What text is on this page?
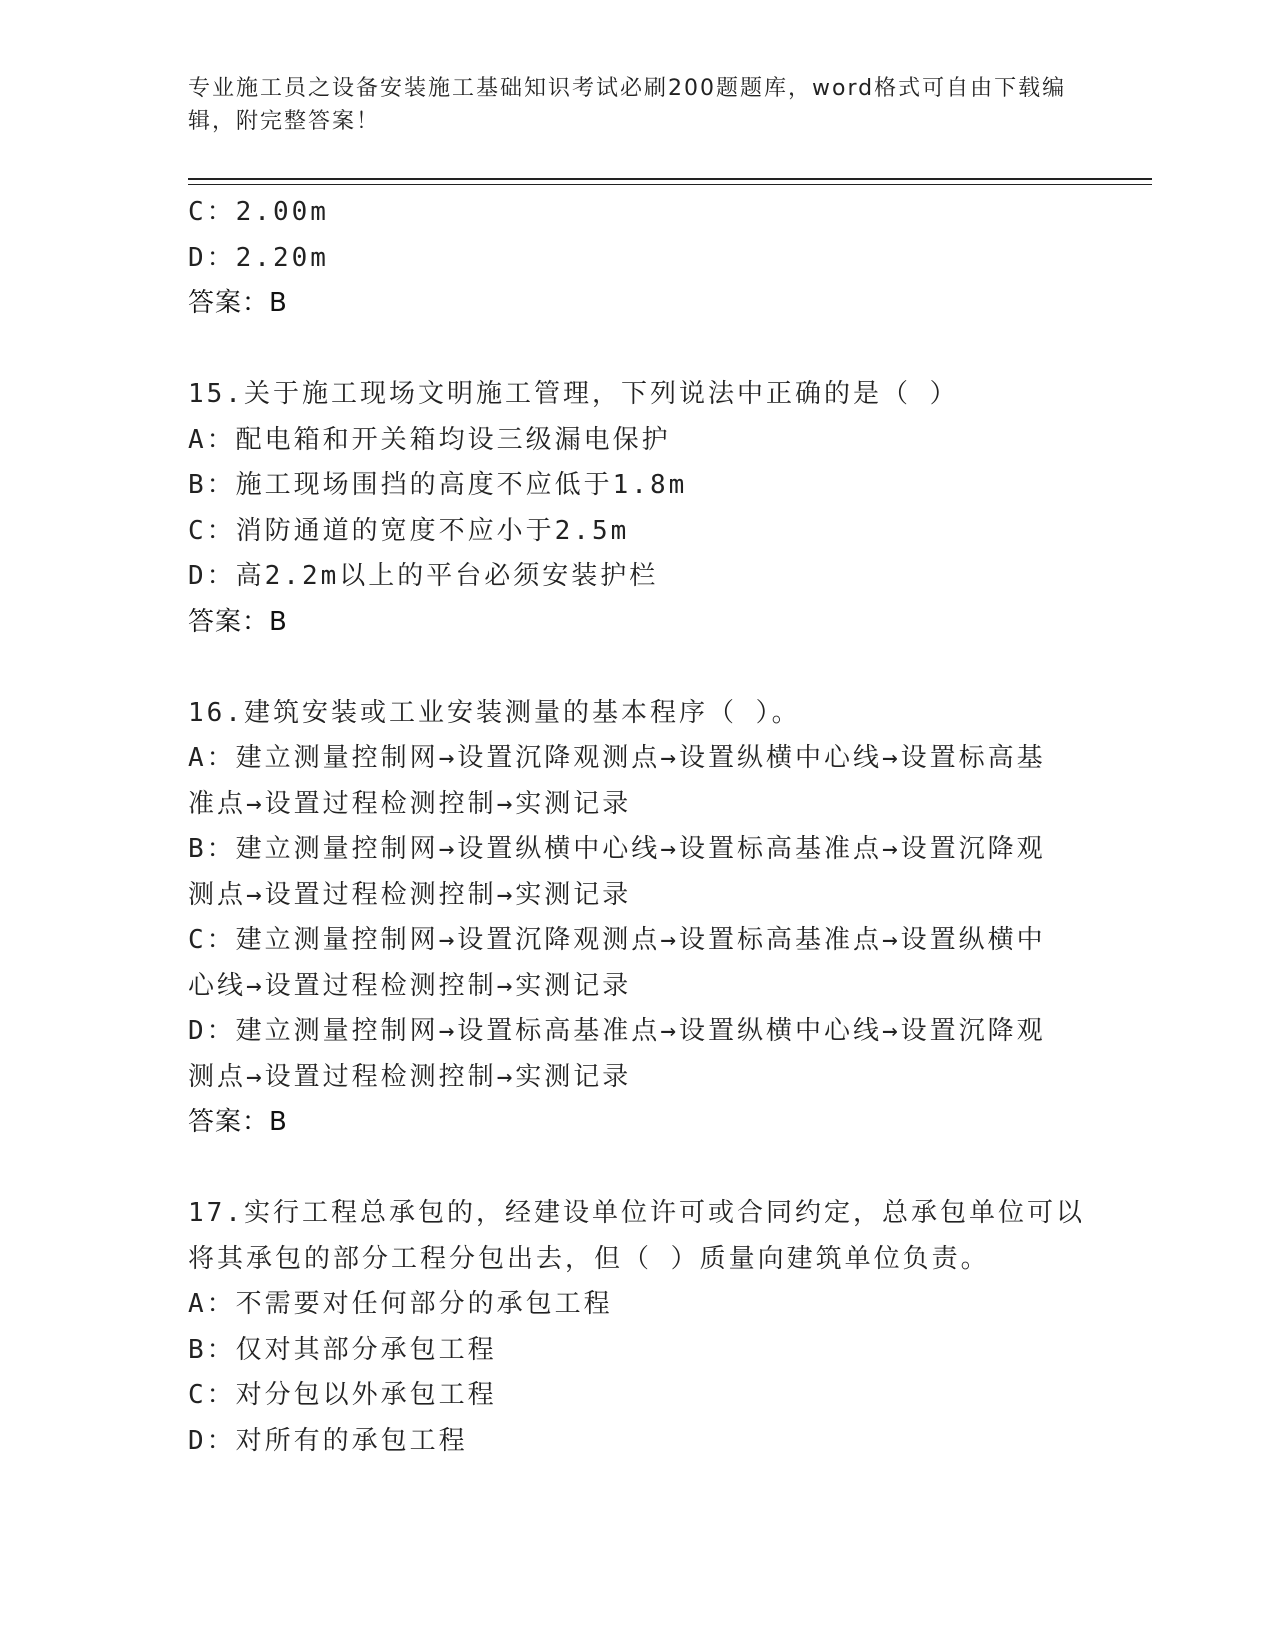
专业施工员之设备安装施工基础知识考试必刷200题题库，word格式可自由下载编辑，附完整答案！
C：2.00m
D：2.20m
答案：B
15.关于施工现场文明施工管理，下列说法中正确的是（ ）
A：配电箱和开关箱均设三级漏电保护
B：施工现场围挡的高度不应低于1.8m
C：消防通道的宽度不应小于2.5m
D：高2.2m以上的平台必须安装护栏
答案：B
16.建筑安装或工业安装测量的基本程序（ ）。
A：建立测量控制网→设置沉降观测点→设置纵横中心线→设置标高基
准点→设置过程检测控制→实测记录
B：建立测量控制网→设置纵横中心线→设置标高基准点→设置沉降观
测点→设置过程检测控制→实测记录
C：建立测量控制网→设置沉降观测点→设置标高基准点→设置纵横中
心线→设置过程检测控制→实测记录
D：建立测量控制网→设置标高基准点→设置纵横中心线→设置沉降观
测点→设置过程检测控制→实测记录
答案：B
17.实行工程总承包的，经建设单位许可或合同约定，总承包单位可以
将其承包的部分工程分包出去，但（ ）质量向建筑单位负责。
A：不需要对任何部分的承包工程
B：仅对其部分承包工程
C：对分包以外承包工程
D：对所有的承包工程
